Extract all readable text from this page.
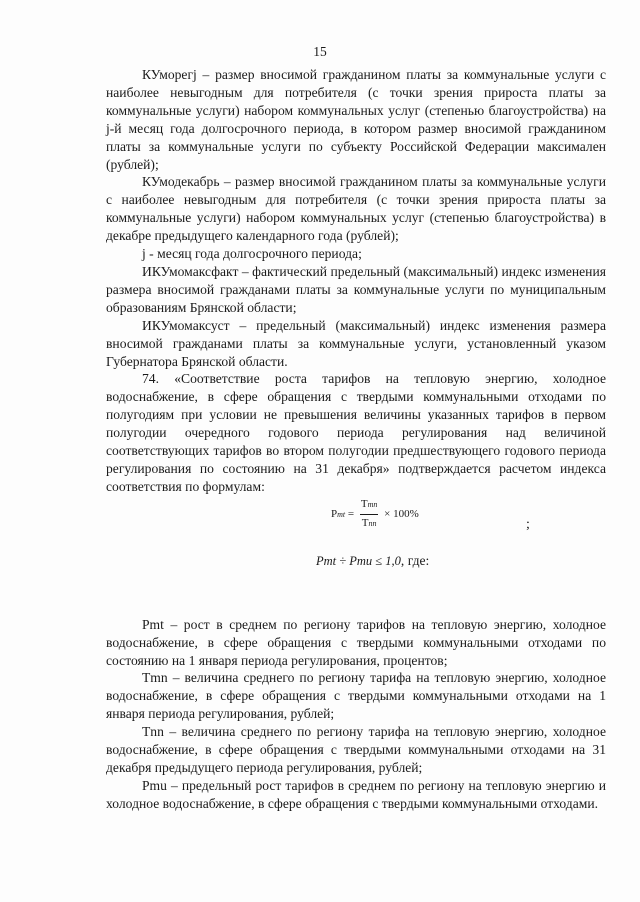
15

КУморегj – размер вносимой гражданином платы за коммунальные услуги с наиболее невыгодным для потребителя (с точки зрения прироста платы за коммунальные услуги) набором коммунальных услуг (степенью благоустройства) на j-й месяц года долгосрочного периода, в котором размер вносимой гражданином платы за коммунальные услуги по субъекту Российской Федерации максимален (рублей);

КУмодекабрь – размер вносимой гражданином платы за коммунальные услуги с наиболее невыгодным для потребителя (с точки зрения прироста платы за коммунальные услуги) набором коммунальных услуг (степенью благоустройства) в декабре предыдущего календарного года (рублей);

j - месяц года долгосрочного периода;

ИКУмомаксфакт – фактический предельный (максимальный) индекс изменения размера вносимой гражданами платы за коммунальные услуги по муниципальным образованиям Брянской области;

ИКУмомаксуст – предельный (максимальный) индекс изменения размера вносимой гражданами платы за коммунальные услуги, установленный указом Губернатора Брянской области.

74. «Соответствие роста тарифов на тепловую энергию, холодное водоснабжение, в сфере обращения с твердыми коммунальными отходами по полугодиям при условии не превышения величины указанных тарифов в первом полугодии очередного годового периода регулирования над величиной соответствующих тарифов во втором полугодии предшествующего годового периода регулирования по состоянию на 31 декабря» подтверждается расчетом индекса соответствия по формулам:

Pmt = $\frac{\text{Tmn}}{\text{Tnn}} \times 100\%$
;
Pmt ÷ Pmu ≤ 1,0, где:

Pmt – рост в среднем по региону тарифов на тепловую энергию, холодное водоснабжение, в сфере обращения с твердыми коммунальными отходами по состоянию на 1 января периода регулирования, процентов;

Tmn – величина среднего по региону тарифа на тепловую энергию, холодное водоснабжение, в сфере обращения с твердыми коммунальными отходами на 1 января периода регулирования, рублей;

Tnn – величина среднего по региону тарифа на тепловую энергию, холодное водоснабжение, в сфере обращения с твердыми коммунальными отходами на 31 декабря предыдущего периода регулирования, рублей;

Pmu – предельный рост тарифов в среднем по региону на тепловую энергию и холодное водоснабжение, в сфере обращения с твердыми коммунальными отходами.
